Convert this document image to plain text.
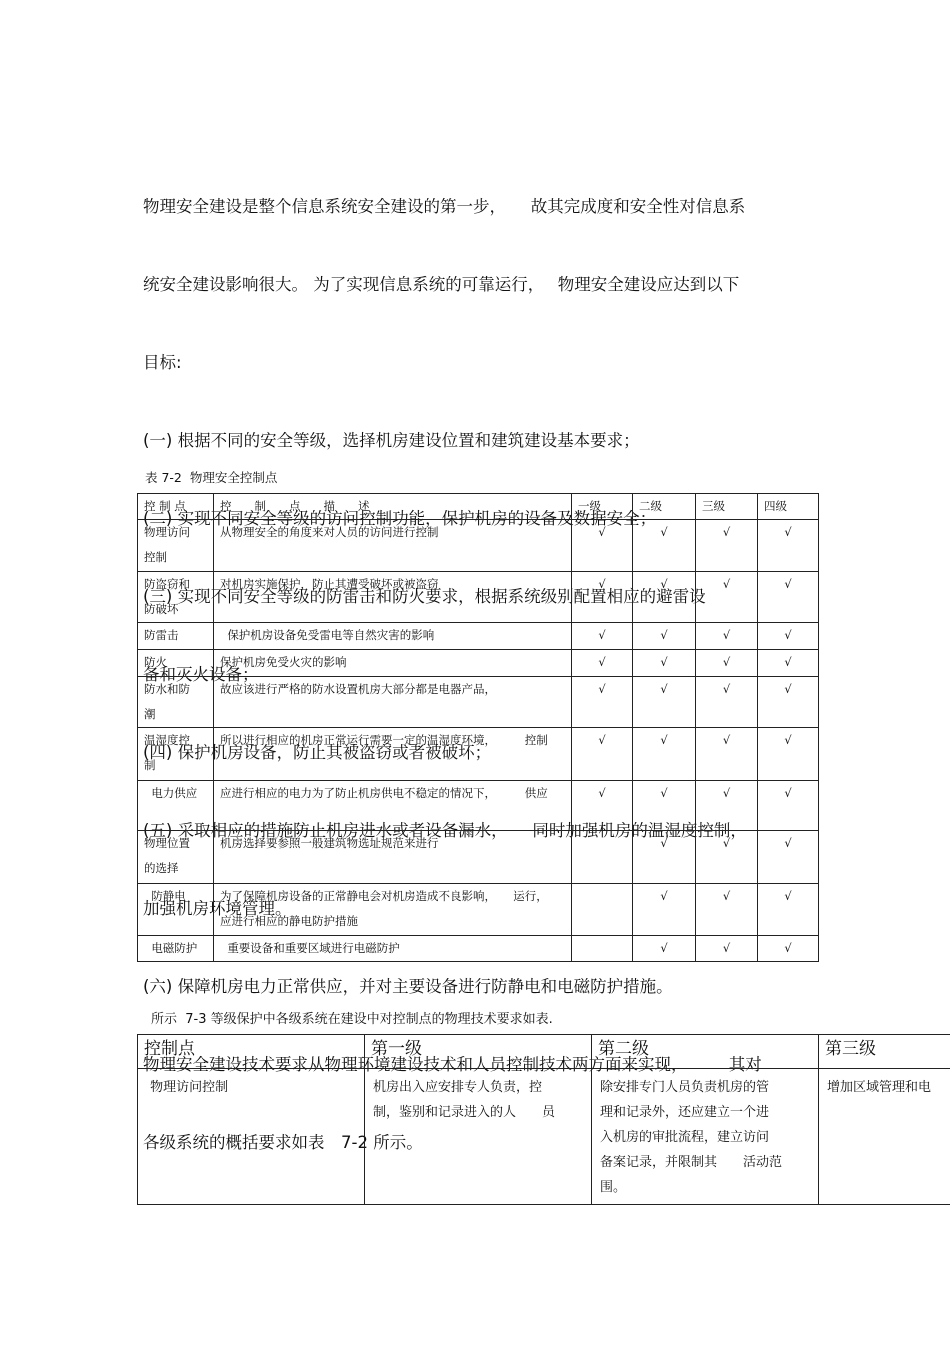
物理安全建设是整个信息系统安全建设的第一步，　　故其完成度和安全性对信息系

统安全建设影响很大。 为了实现信息系统的可靠运行，　 物理安全建设应达到以下

目标:

(一) 根据不同的安全等级，选择机房建设位置和建筑建设基本要求；

(二) 实现不同安全等级的访问控制功能，保护机房的设备及数据安全；

(三) 实现不同安全等级的防雷击和防火要求，根据系统级别配置相应的避雷设

备和灭火设备；

(四) 保护机房设备，防止其被盗窃或者被破坏；

(五) 采取相应的措施防止机房进水或者设备漏水，　　同时加强机房的温湿度控制，

加强机房环境管理。

(六) 保障机房电力正常供应，并对主要设备进行防静电和电磁防护措施。

物理安全建设技术要求从物理环境建设技术和人员控制技术两方面来实现，　　　其对

各级系统的概括要求如表　7-2 所示。

表 7-2  物理安全控制点
控 制 点	控　　制　　点　　描　　述	一级	二级	三级	四级
物理访问
控制	从物理安全的角度来对人员的访问进行控制	√	√	√	√
防盗窃和
防破坏	对机房实施保护，防止其遭受破坏或被盗窃	√	√	√	√
防雷击	保护机房设备免受雷电等自然灾害的影响	√	√	√	√
防火	保护机房免受火灾的影响	√	√	√	√
防水和防
潮	故应该进行严格的防水设置机房大部分都是电器产品，	√	√	√	√
温湿度控
制	所以进行相应的机房正常运行需要一定的温湿度环境，　　　控制	√	√	√	√
电力供应	应进行相应的电力为了防止机房供电不稳定的情况下，　　　供应	√	√	√	√
物理位置
的选择	机房选择要参照一般建筑物选址规范来进行		√	√	√
防静电	为了保障机房设备的正常静电会对机房造成不良影响，　　运行，
应进行相应的静电防护措施		√	√	√
电磁防护	重要设备和重要区域进行电磁防护		√	√	√
所示  7-3 等级保护中各级系统在建设中对控制点的物理技术要求如表.
控制点	第一级	第二级	第三级
物理访问控制	机房出入应安排专人负责，控
制，鉴别和记录进入的人　　员	除安排专门人员负责机房的管
理和记录外，还应建立一个进
入机房的审批流程，建立访问
备案记录，并限制其　　活动范
围。	增加区域管理和电
